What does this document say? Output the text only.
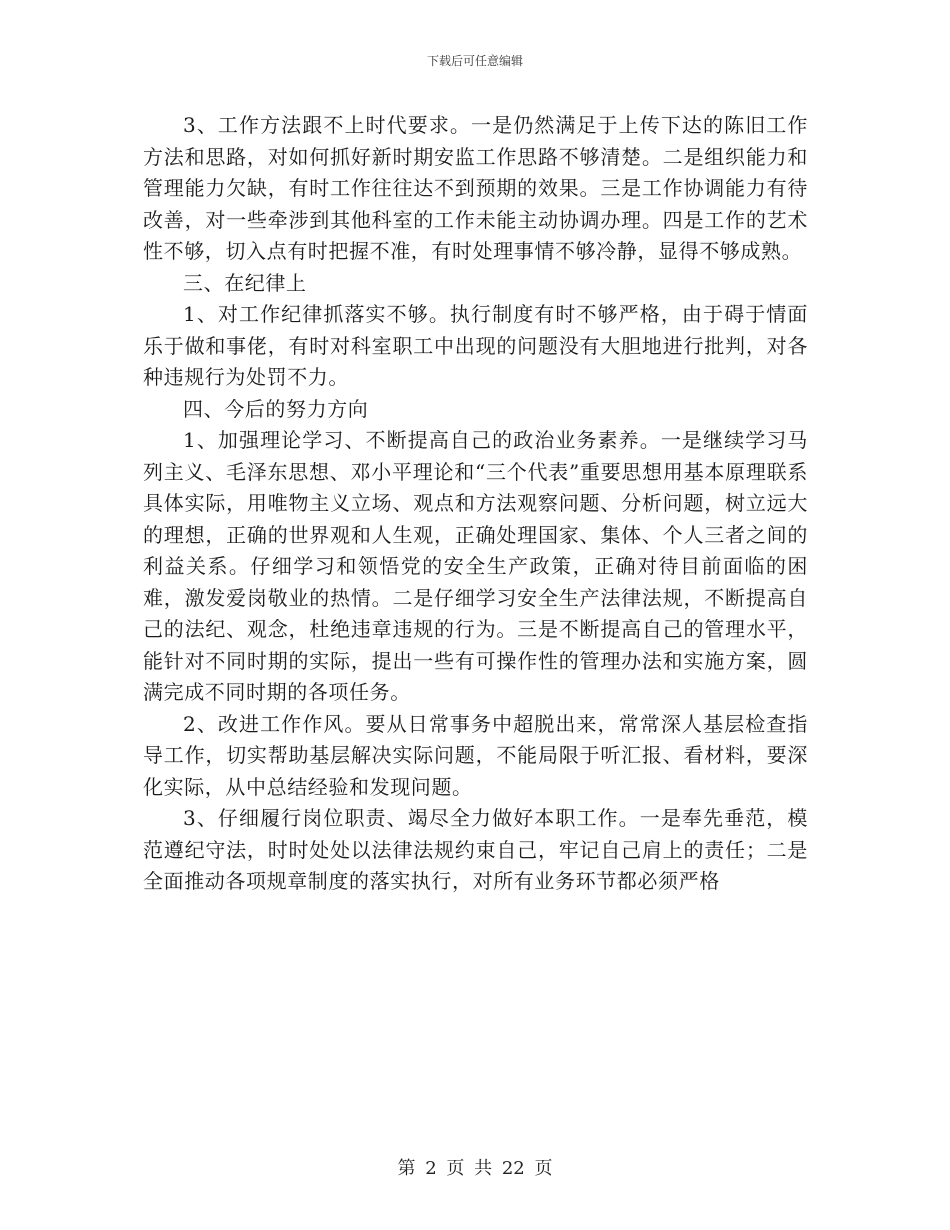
下载后可任意编辑

3、工作方法跟不上时代要求。一是仍然满足于上传下达的陈旧工作方法和思路，对如何抓好新时期安监工作思路不够清楚。二是组织能力和管理能力欠缺，有时工作往往达不到预期的效果。三是工作协调能力有待改善，对一些牵涉到其他科室的工作未能主动协调办理。四是工作的艺术性不够，切入点有时把握不准，有时处理事情不够冷静，显得不够成熟。

三、在纪律上

1、对工作纪律抓落实不够。执行制度有时不够严格，由于碍于情面乐于做和事佬，有时对科室职工中出现的问题没有大胆地进行批判，对各种违规行为处罚不力。

四、今后的努力方向

1、加强理论学习、不断提高自己的政治业务素养。一是继续学习马列主义、毛泽东思想、邓小平理论和“三个代表”重要思想用基本原理联系具体实际，用唯物主义立场、观点和方法观察问题、分析问题，树立远大的理想，正确的世界观和人生观，正确处理国家、集体、个人三者之间的利益关系。仔细学习和领悟党的安全生产政策，正确对待目前面临的困难，激发爱岗敬业的热情。二是仔细学习安全生产法律法规，不断提高自己的法纪、观念，杜绝违章违规的行为。三是不断提高自己的管理水平，能针对不同时期的实际，提出一些有可操作性的管理办法和实施方案，圆满完成不同时期的各项任务。

2、改进工作作风。要从日常事务中超脱出来，常常深人基层检查指导工作，切实帮助基层解决实际问题，不能局限于听汇报、看材料，要深化实际，从中总结经验和发现问题。

3、仔细履行岗位职责、竭尽全力做好本职工作。一是奉先垂范，模范遵纪守法，时时处处以法律法规约束自己，牢记自己肩上的责任；二是全面推动各项规章制度的落实执行，对所有业务环节都必须严格

第 2 页 共 22 页
